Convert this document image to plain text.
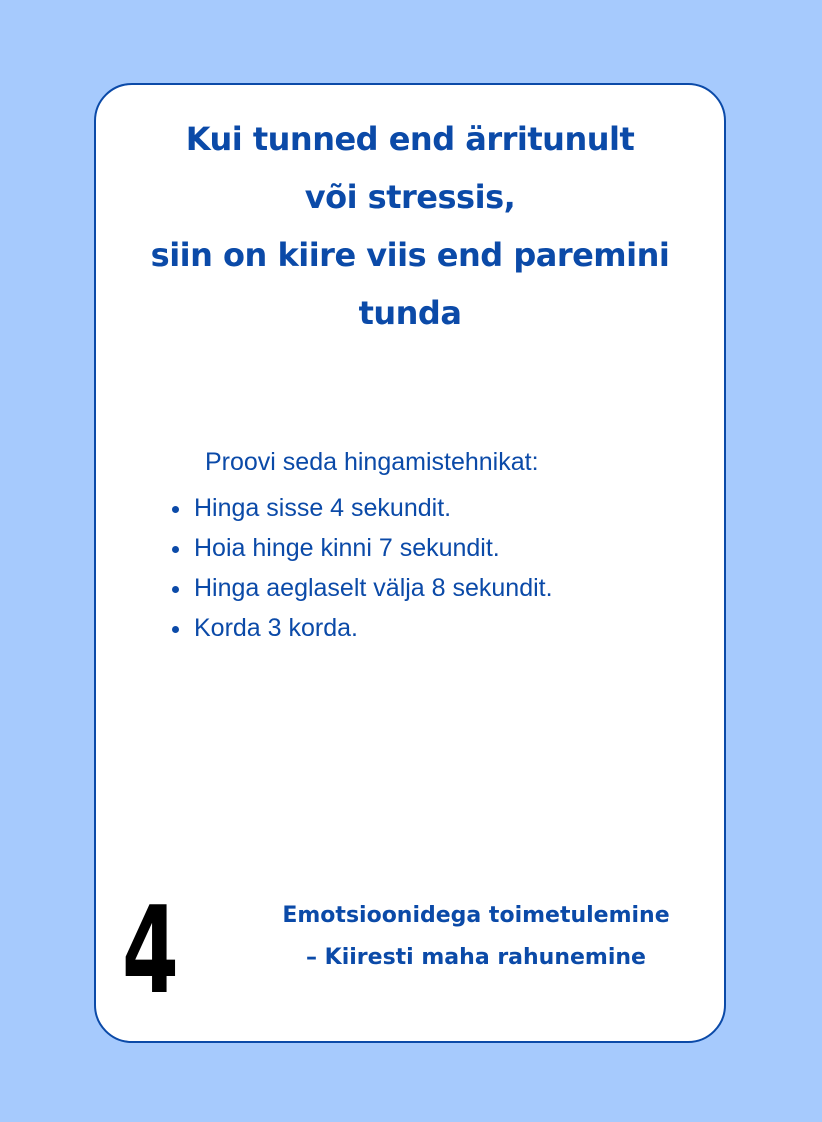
Kui tunned end ärritunult
või stressis,
siin on kiire viis end paremini
tunda

Proovi seda hingamistehnikat:

Hinga sisse 4 sekundit.
Hoia hinge kinni 7 sekundit.
Hinga aeglaselt välja 8 sekundit.
Korda 3 korda.
4	Emotsioonidega toimetulemine
– Kiiresti maha rahunemine
